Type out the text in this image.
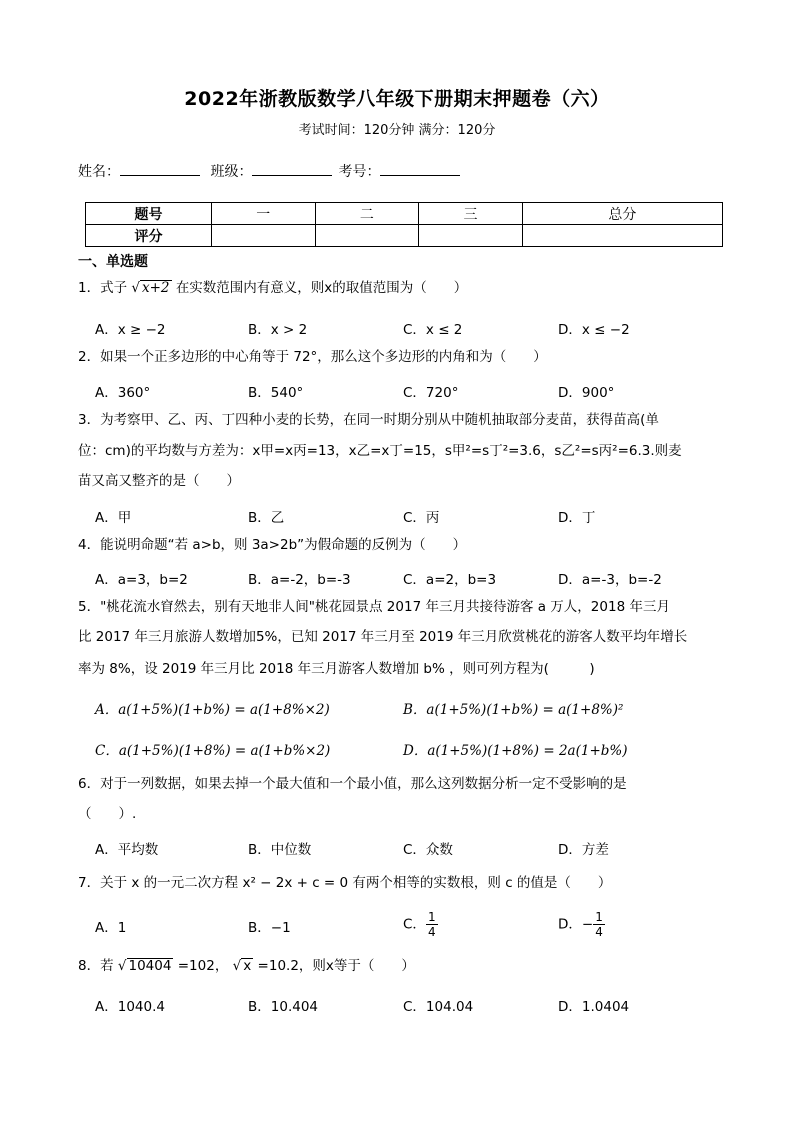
2022年浙教版数学八年级下册期末押题卷（六）
考试时间：120分钟 满分：120分
姓名：	班级：	考号：
题号	一	二	三	总分
评分				
一、单选题
1．式子 √ x+2 在实数范围内有意义，则x的取值范围为（　　）
A．x ≥ −2	B．x > 2	C．x ≤ 2	D．x ≤ −2
2．如果一个正多边形的中心角等于 72°，那么这个多边形的内角和为（　　）
A．360°	B．540°	C．720°	D．900°
3．为考察甲、乙、丙、丁四种小麦的长势，在同一时期分别从中随机抽取部分麦苗，获得苗高(单
位：cm)的平均数与方差为：x甲=x丙=13，x乙=x丁=15，s甲²=s丁²=3.6，s乙²=s丙²=6.3.则麦
苗又高又整齐的是（　　）
A．甲	B．乙	C．丙	D．丁
4．能说明命题“若 a>b，则 3a>2b”为假命题的反例为（　　）
A．a=3，b=2	B．a=-2，b=-3	C．a=2，b=3	D．a=-3，b=-2
5．"桃花流水窅然去，别有天地非人间"桃花园景点 2017 年三月共接待游客 a 万人，2018 年三月
比 2017 年三月旅游人数增加5%，已知 2017 年三月至 2019 年三月欣赏桃花的游客人数平均年增长
率为 8%，设 2019 年三月比 2018 年三月游客人数增加 b% ，则可列方程为(　　　)
A．a(1+5%)(1+b%) = a(1+8%×2)	B．a(1+5%)(1+b%) = a(1+8%)²
C．a(1+5%)(1+8%) = a(1+b%×2)	D．a(1+5%)(1+8%) = 2a(1+b%)
6．对于一列数据，如果去掉一个最大值和一个最小值，那么这列数据分析一定不受影响的是
（　　）.
A．平均数	B．中位数	C．众数	D．方差
7．关于 x 的一元二次方程 x² − 2x + c = 0 有两个相等的实数根，则 c 的值是（　　）
A．1	B．−1	C． $\frac{1}{4}$	D．− $\frac{1}{4}$
8．若 √ 10404 =102， √ x =10.2，则x等于（　　）
A．1040.4	B．10.404	C．104.04	D．1.0404
